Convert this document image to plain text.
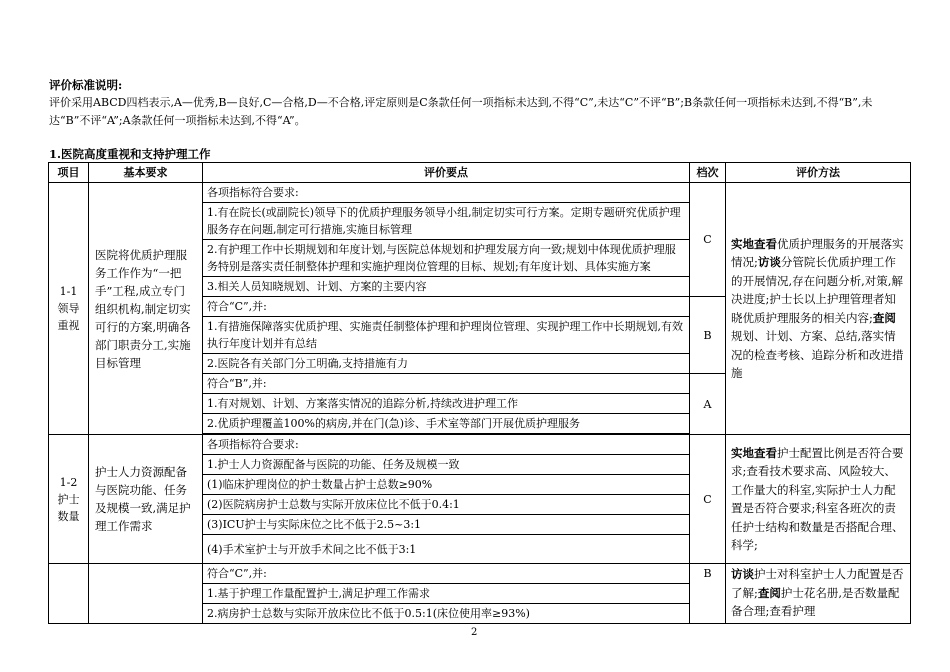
评价标准说明:
评价采用ABCD四档表示,A—优秀,B—良好,C—合格,D—不合格,评定原则是C条款任何一项指标未达到,不得“C”,未达“C”不评“B”;B条款任何一项指标未达到,不得“B”,未达“B”不评“A”;A条款任何一项指标未达到,不得“A”。
1.医院高度重视和支持护理工作
项目	基本要求	评价要点	档次	评价方法
1-1 领导重视	医院将优质护理服务工作作为“一把手”工程,成立专门组织机构,制定切实可行的方案,明确各部门职责分工,实施目标管理	各项指标符合要求:	C	实地查看优质护理服务的开展落实情况;访谈分管院长优质护理工作的开展情况,存在问题分析,对策,解决进度;护士长以上护理管理者知晓优质护理服务的相关内容;查阅规划、计划、方案、总结,落实情况的检查考核、追踪分析和改进措施
		1.有在院长(或副院长)领导下的优质护理服务领导小组,制定切实可行方案。定期专题研究优质护理服务存在问题,制定可行措施,实施目标管理		
		2.有护理工作中长期规划和年度计划,与医院总体规划和护理发展方向一致;规划中体现优质护理服务特别是落实责任制整体护理和实施护理岗位管理的目标、规划;有年度计划、具体实施方案		
		3.相关人员知晓规划、计划、方案的主要内容		
		符合“C”,并:	B	
		1.有措施保障落实优质护理、实施责任制整体护理和护理岗位管理、实现护理工作中长期规划,有效执行年度计划并有总结		
		2.医院各有关部门分工明确,支持措施有力		
		符合“B”,并:	A	
		1.有对规划、计划、方案落实情况的追踪分析,持续改进护理工作		
		2.优质护理覆盖100%的病房,并在门(急)诊、手术室等部门开展优质护理服务		

1-2 护士数量	护士人力资源配备与医院功能、任务及规模一致,满足护理工作需求	各项指标符合要求:	C	实地查看护士配置比例是否符合要求;查看技术要求高、风险较大、工作量大的科室,实际护士人力配置是否符合要求;科室各班次的责任护士结构和数量是否搭配合理、科学;
		1.护士人力资源配备与医院的功能、任务及规模一致		
		(1)临床护理岗位的护士数量占护士总数≥90%		
		(2)医院病房护士总数与实际开放床位比不低于0.4:1		
		(3)ICU护士与实际床位之比不低于2.5~3:1		
		(4)手术室护士与开放手术间之比不低于3:1		
		符合“C”,并:	B	访谈护士对科室护士人力配置是否了解;查阅护士花名册,是否数量配备合理;查看护理
		1.基于护理工作量配置护士,满足护理工作需求		
		2.病房护士总数与实际开放床位比不低于0.5:1(床位使用率≥93%)		
2
